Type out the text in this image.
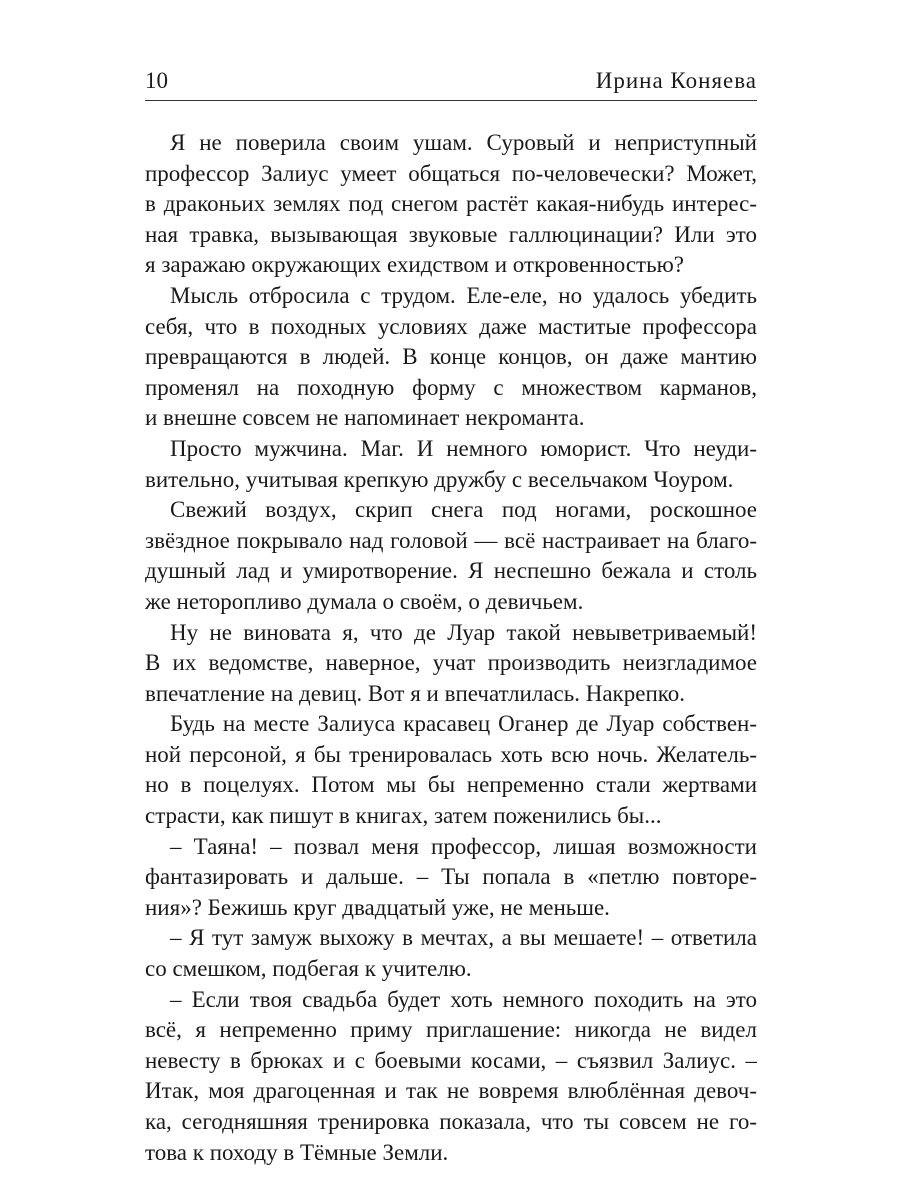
10	Ирина Коняева
Я не поверила своим ушам. Суровый и неприступный
профессор Залиус умеет общаться по-человечески? Может,
в драконьих землях под снегом растёт какая-нибудь интерес-
ная травка, вызывающая звуковые галлюцинации? Или это
я заражаю окружающих ехидством и откровенностью?
Мысль отбросила с трудом. Еле-еле, но удалось убедить
себя, что в походных условиях даже маститые профессора
превращаются в людей. В конце концов, он даже мантию
променял на походную форму с множеством карманов,
и внешне совсем не напоминает некроманта.
Просто мужчина. Маг. И немного юморист. Что неуди-
вительно, учитывая крепкую дружбу с весельчаком Чоуром.
Свежий воздух, скрип снега под ногами, роскошное
звёздное покрывало над головой — всё настраивает на благо-
душный лад и умиротворение. Я неспешно бежала и столь
же неторопливо думала о своём, о девичьем.
Ну не виновата я, что де Луар такой невыветриваемый!
В их ведомстве, наверное, учат производить неизгладимое
впечатление на девиц. Вот я и впечатлилась. Накрепко.
Будь на месте Залиуса красавец Оганер де Луар собствен-
ной персоной, я бы тренировалась хоть всю ночь. Желатель-
но в поцелуях. Потом мы бы непременно стали жертвами
страсти, как пишут в книгах, затем поженились бы...
– Таяна! – позвал меня профессор, лишая возможности
фантазировать и дальше. – Ты попала в «петлю повторе-
ния»? Бежишь круг двадцатый уже, не меньше.
– Я тут замуж выхожу в мечтах, а вы мешаете! – ответила
со смешком, подбегая к учителю.
– Если твоя свадьба будет хоть немного походить на это
всё, я непременно приму приглашение: никогда не видел
невесту в брюках и с боевыми косами, – съязвил Залиус. –
Итак, моя драгоценная и так не вовремя влюблённая девоч-
ка, сегодняшняя тренировка показала, что ты совсем не го-
това к походу в Тёмные Земли.
